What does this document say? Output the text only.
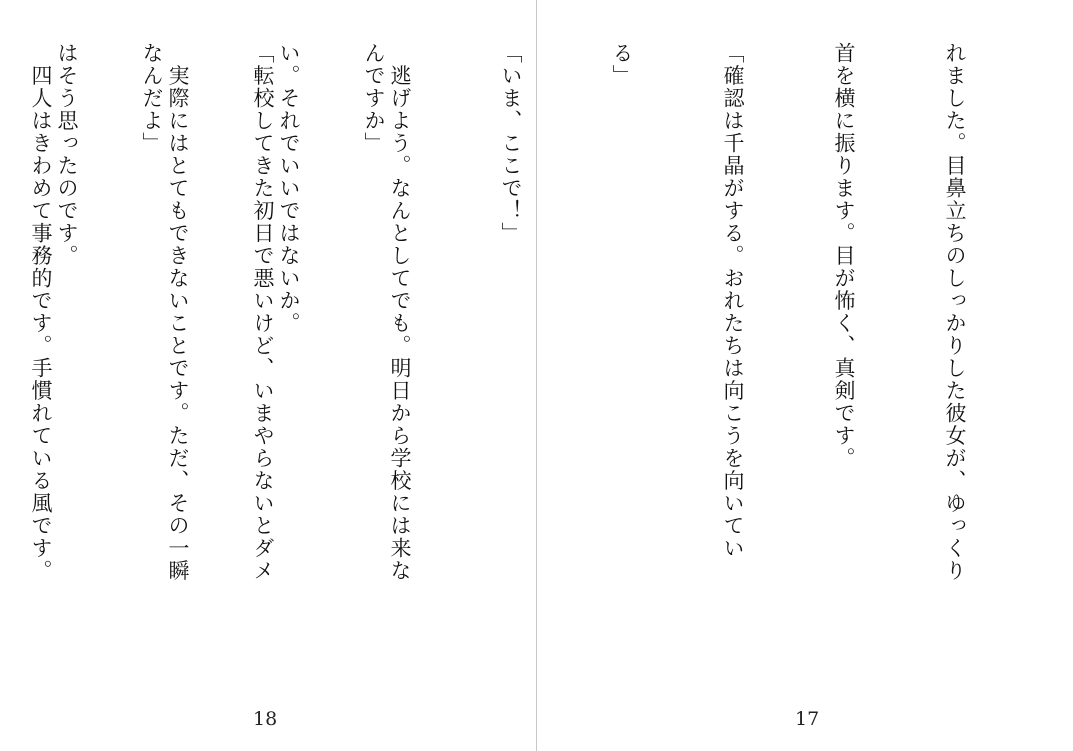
んですか」

「転校してきた初日で悪いけど、いまやらないとダメ

なんだよ」

　四人はきわめて事務的です。手慣れている風です。

18

れました。目鼻立ちのしっかりした彼女が、ゆっくり

首を横に振ります。目が怖く、真剣です。

「確認は千晶がする。おれたちは向こうを向いてい

る」

「いま、ここで！」

　逃げよう。なんとしてでも。明日から学校には来な

い。それでいいではないか。

　実際にはとてもできないことです。ただ、その一瞬

はそう思ったのです。

17
